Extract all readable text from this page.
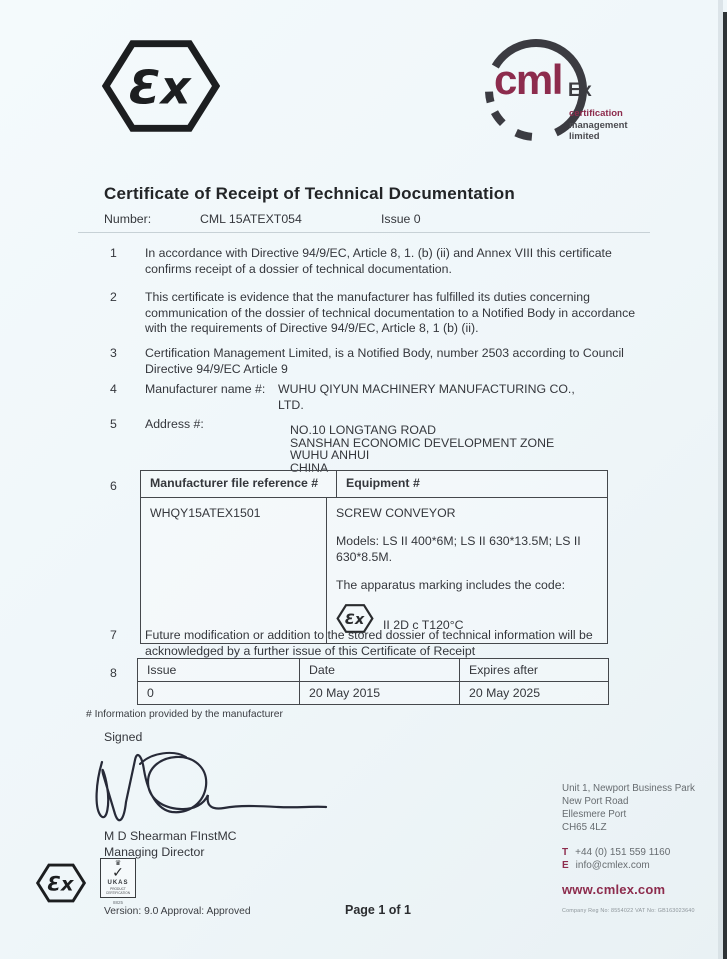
Ɛx	cml Ex
certification
management
limited
Certificate of Receipt of Technical Documentation
Number:	CML 15ATEXT054	Issue 0
1 In accordance with Directive 94/9/EC, Article 8, 1. (b) (ii) and Annex VIII this certificate confirms receipt of a dossier of technical documentation.
2 This certificate is evidence that the manufacturer has fulfilled its duties concerning communication of the dossier of technical documentation to a Notified Body in accordance with the requirements of Directive 94/9/EC, Article 8, 1 (b) (ii).
3 Certification Management Limited, is a Notified Body, number 2503 according to Council Directive 94/9/EC Article 9
4 Manufacturer name #: WUHU QIYUN MACHINERY MANUFACTURING CO., LTD.
5 Address #:	NO.10 LONGTANG ROAD
SANSHAN ECONOMIC DEVELOPMENT ZONE
WUHU ANHUI
CHINA
6	Manufacturer file reference #	Equipment #
WHQY15ATEX1501	SCREW CONVEYOR
Models: LS II 400*6M; LS II 630*13.5M; LS II 630*8.5M.
The apparatus marking includes the code:
Ɛx II 2D c T120°C
7 Future modification or addition to the stored dossier of technical information will be acknowledged by a further issue of this Certificate of Receipt
8	Issue	Date	Expires after
0	20 May 2015	20 May 2025
# Information provided by the manufacturer
Signed
M D Shearman FInstMC
Managing Director
Ɛx
♛
✓
UKAS
PRODUCT
CERTIFICATION
8825
Version: 9.0 Approval: Approved	Page 1 of 1
Unit 1, Newport Business Park
New Port Road
Ellesmere Port
CH65 4LZ
T +44 (0) 151 559 1160
E info@cmlex.com
www.cmlex.com
Company Reg No: 8554022 VAT No: GB163023640
